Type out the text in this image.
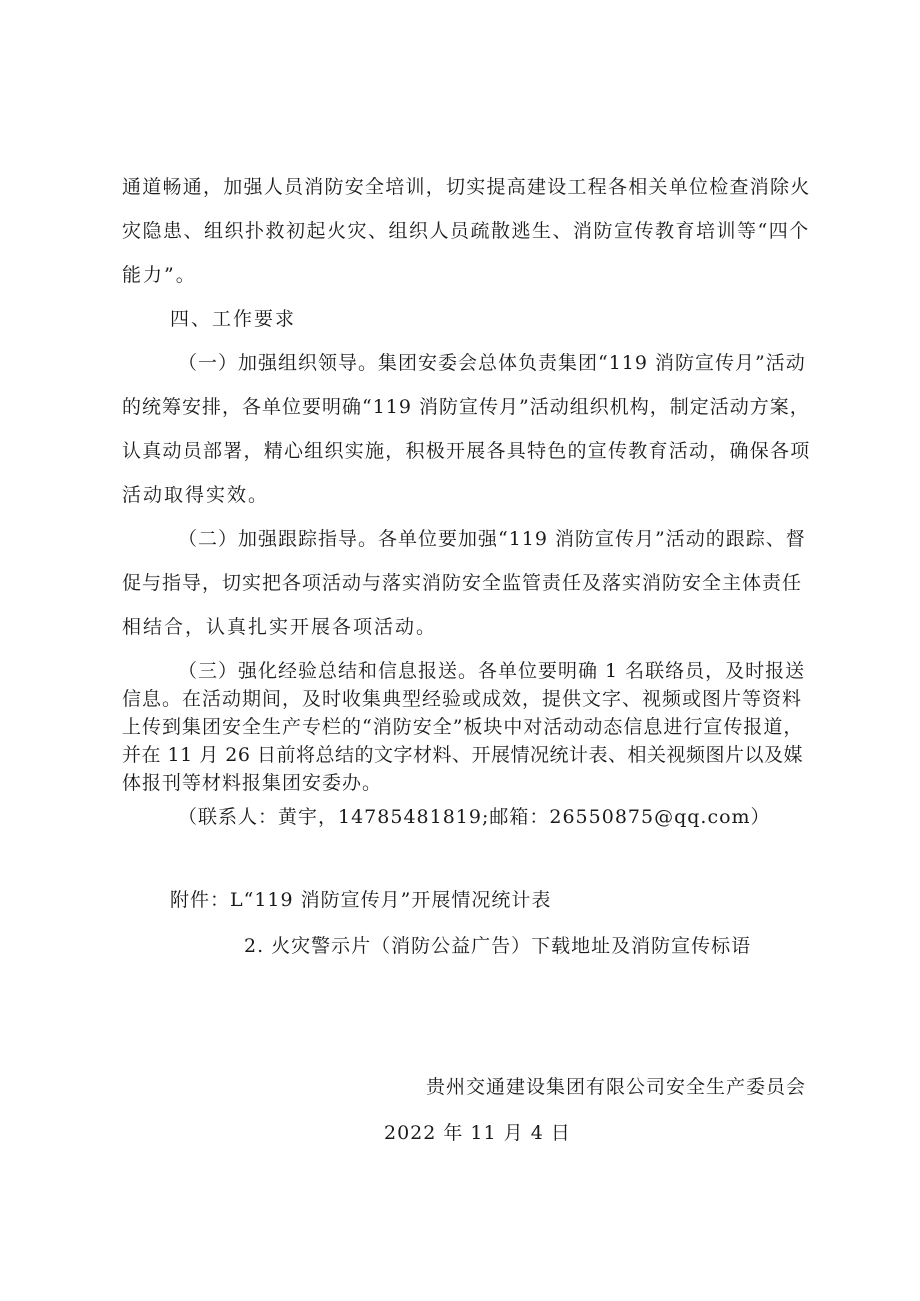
通道畅通，加强人员消防安全培训，切实提高建设工程各相关单位检查消除火
灾隐患、组织扑救初起火灾、组织人员疏散逃生、消防宣传教育培训等“四个
能力”。
四、工作要求
（一）加强组织领导。集团安委会总体负责集团“119 消防宣传月”活动
的统筹安排，各单位要明确“119 消防宣传月”活动组织机构，制定活动方案，
认真动员部署，精心组织实施，积极开展各具特色的宣传教育活动，确保各项
活动取得实效。
（二）加强跟踪指导。各单位要加强“119 消防宣传月”活动的跟踪、督
促与指导，切实把各项活动与落实消防安全监管责任及落实消防安全主体责任
相结合，认真扎实开展各项活动。
（三）强化经验总结和信息报送。各单位要明确 1 名联络员，及时报送
信息。在活动期间，及时收集典型经验或成效，提供文字、视频或图片等资料
上传到集团安全生产专栏的“消防安全”板块中对活动动态信息进行宣传报道，
并在 11 月 26 日前将总结的文字材料、开展情况统计表、相关视频图片以及媒
体报刊等材料报集团安委办。
（联系人：黄宇，14785481819;邮箱：26550875@qq.com）
附件：L“119 消防宣传月”开展情况统计表
2. 火灾警示片（消防公益广告）下载地址及消防宣传标语
贵州交通建设集团有限公司安全生产委员会
2022 年 11 月 4 日
